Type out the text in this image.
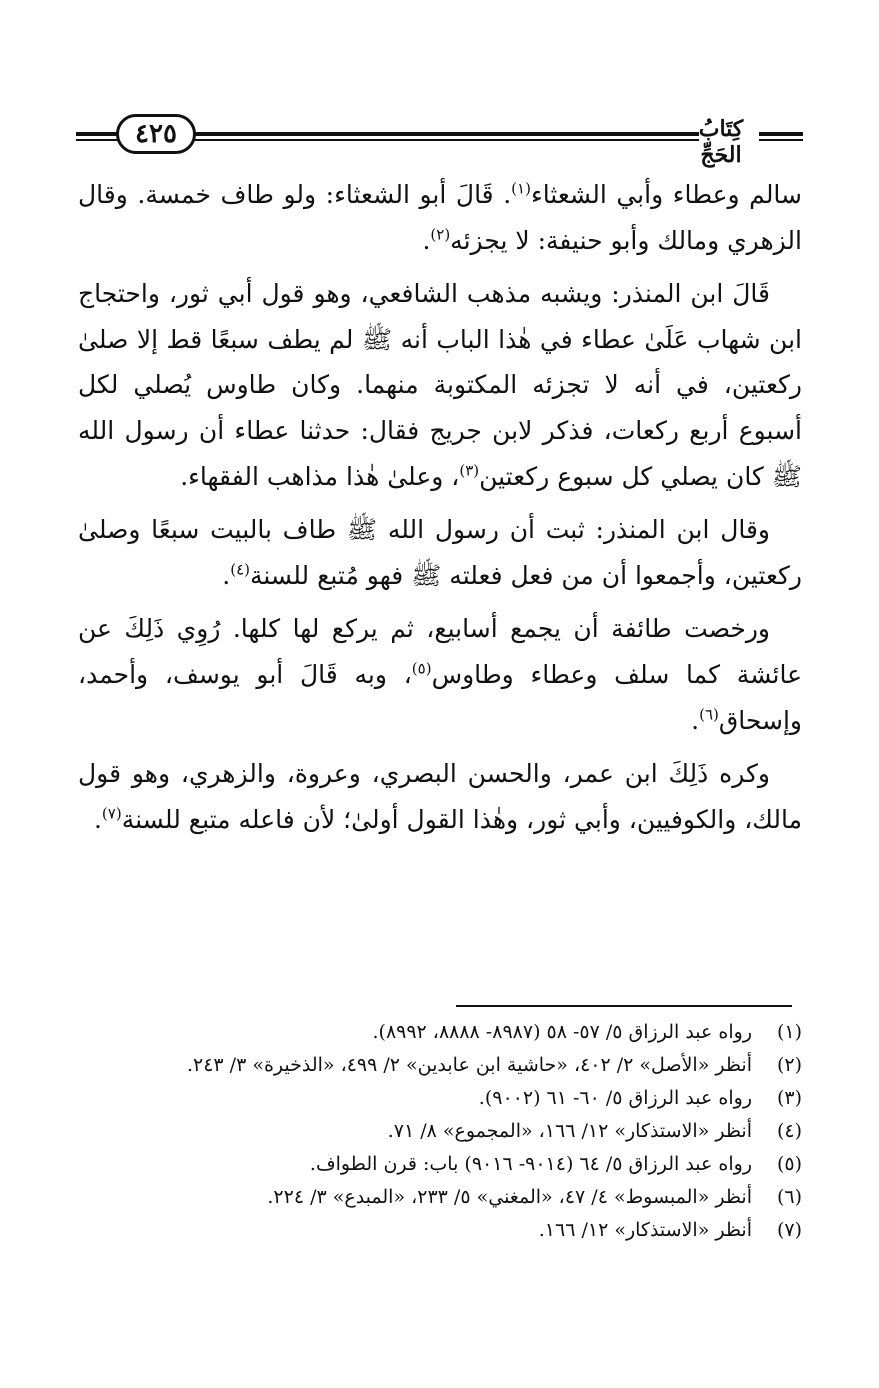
٤٢٥	كِتَابُ الحَجِّ

سالم وعطاء وأبي الشعثاء$^{(١)}$. قَالَ أبو الشعثاء: ولو طاف خمسة. وقال الزهري ومالك وأبو حنيفة: لا يجزئه$^{(٢)}$.

قَالَ ابن المنذر: ويشبه مذهب الشافعي، وهو قول أبي ثور، واحتجاج ابن شهاب عَلَىٰ عطاء في هٰذا الباب أنه ﷺ لم يطف سبعًا قط إلا صلىٰ ركعتين، في أنه لا تجزئه المكتوبة منهما. وكان طاوس يُصلي لكل أسبوع أربع ركعات، فذكر لابن جريج فقال: حدثنا عطاء أن رسول الله ﷺ كان يصلي كل سبوع ركعتين$^{(٣)}$، وعلىٰ هٰذا مذاهب الفقهاء.

وقال ابن المنذر: ثبت أن رسول الله ﷺ طاف بالبيت سبعًا وصلىٰ ركعتين، وأجمعوا أن من فعل فعلته ﷺ فهو مُتبع للسنة$^{(٤)}$.

ورخصت طائفة أن يجمع أسابيع، ثم يركع لها كلها. رُوِي ذَلِكَ عن عائشة كما سلف وعطاء وطاوس$^{(٥)}$، وبه قَالَ أبو يوسف، وأحمد، وإسحاق$^{(٦)}$.

وكره ذَلِكَ ابن عمر، والحسن البصري، وعروة، والزهري، وهو قول مالك، والكوفيين، وأبي ثور، وهٰذا القول أولىٰ؛ لأن فاعله متبع للسنة$^{(٧)}$.

(١)
رواه عبد الرزاق ٥/ ٥٧- ٥٨ (٨٩٨٧- ٨٨٨٨، ٨٩٩٢).
(٢)
أنظر «الأصل» ٢/ ٤٠٢، «حاشية ابن عابدين» ٢/ ٤٩٩، «الذخيرة» ٣/ ٢٤٣.
(٣)
رواه عبد الرزاق ٥/ ٦٠- ٦١ (٩٠٠٢).
(٤)
أنظر «الاستذكار» ١٢/ ١٦٦، «المجموع» ٨/ ٧١.
(٥)
رواه عبد الرزاق ٥/ ٦٤ (٩٠١٤- ٩٠١٦) باب: قرن الطواف.
(٦)
أنظر «المبسوط» ٤/ ٤٧، «المغني» ٥/ ٢٣٣، «المبدع» ٣/ ٢٢٤.
(٧)
أنظر «الاستذكار» ١٢/ ١٦٦.
